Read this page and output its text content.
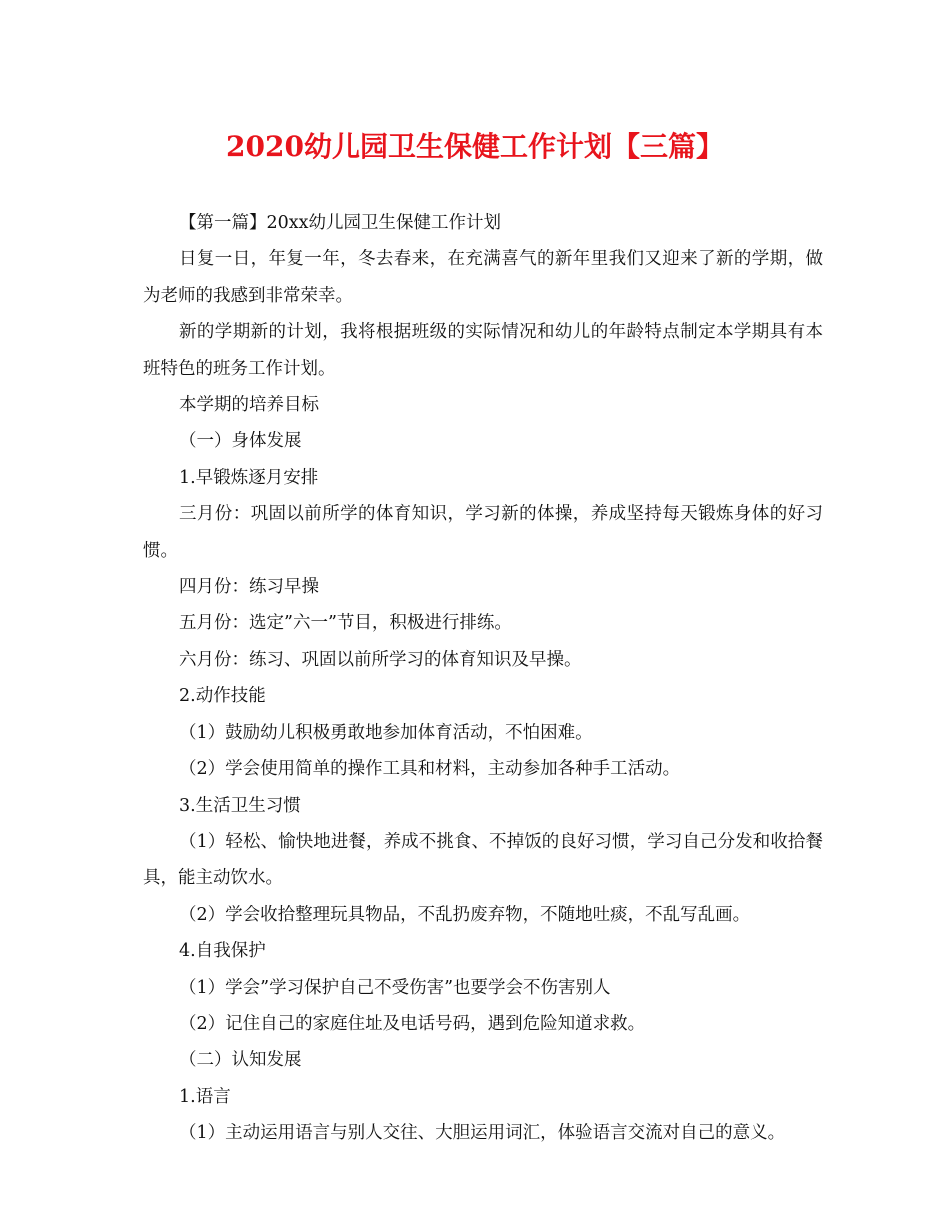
2020幼儿园卫生保健工作计划【三篇】

【第一篇】20xx幼儿园卫生保健工作计划

日复一日，年复一年，冬去春来，在充满喜气的新年里我们又迎来了新的学期，做为老师的我感到非常荣幸。

新的学期新的计划，我将根据班级的实际情况和幼儿的年龄特点制定本学期具有本班特色的班务工作计划。

本学期的培养目标

（一）身体发展

1.早锻炼逐月安排

三月份：巩固以前所学的体育知识，学习新的体操，养成坚持每天锻炼身体的好习惯。

四月份：练习早操

五月份：选定”六一”节目，积极进行排练。

六月份：练习、巩固以前所学习的体育知识及早操。

2.动作技能

（1）鼓励幼儿积极勇敢地参加体育活动，不怕困难。

（2）学会使用简单的操作工具和材料，主动参加各种手工活动。

3.生活卫生习惯

（1）轻松、愉快地进餐，养成不挑食、不掉饭的良好习惯，学习自己分发和收拾餐具，能主动饮水。

（2）学会收拾整理玩具物品，不乱扔废弃物，不随地吐痰，不乱写乱画。

4.自我保护

（1）学会”学习保护自己不受伤害”也要学会不伤害别人

（2）记住自己的家庭住址及电话号码，遇到危险知道求救。

（二）认知发展

1.语言

（1）主动运用语言与别人交往、大胆运用词汇，体验语言交流对自己的意义。
